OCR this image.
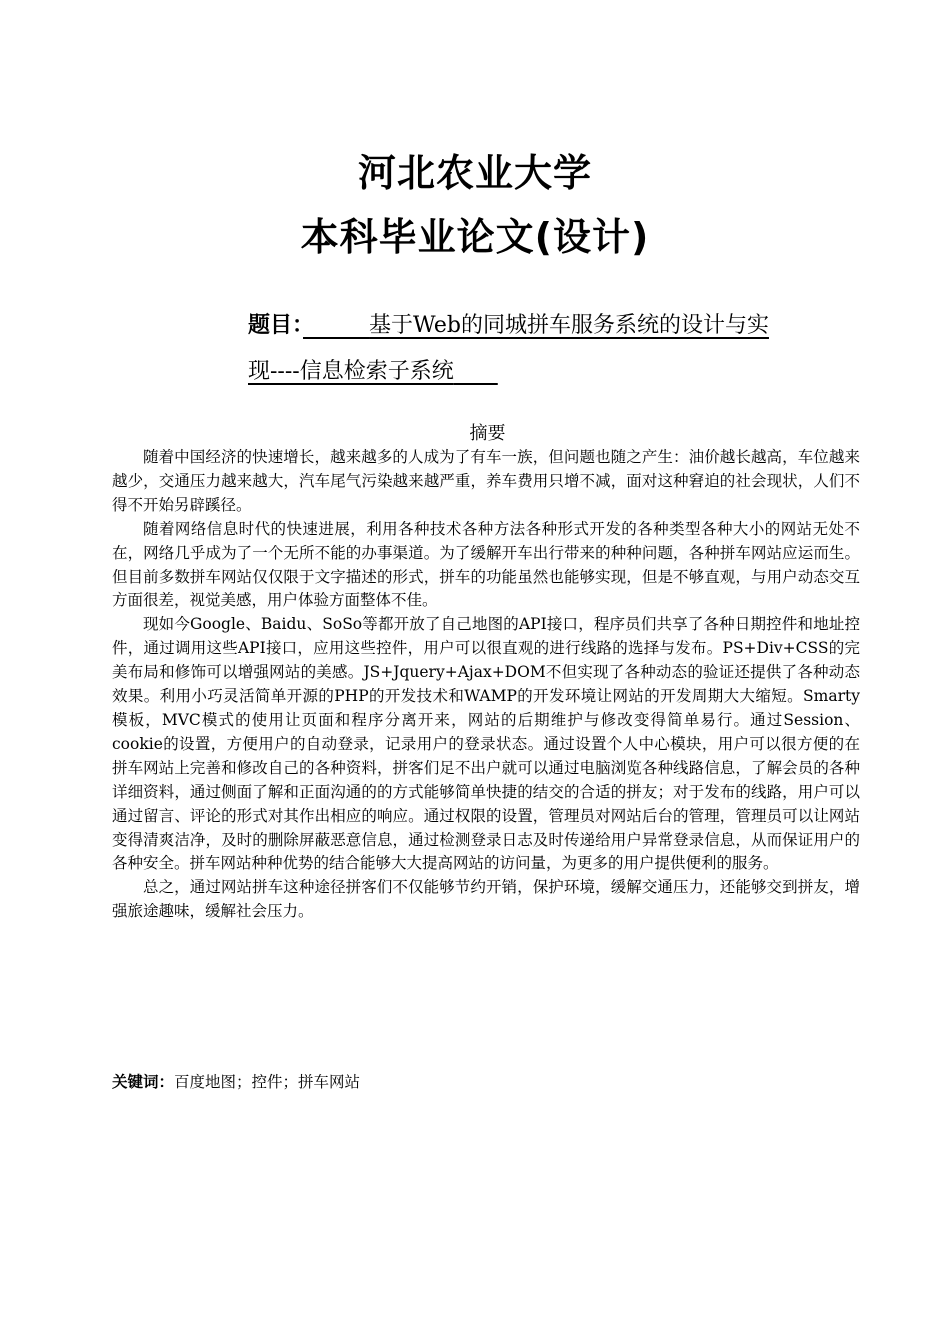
河北农业大学
本科毕业论文(设计)
题目：　　　	基于Web的同城拼车服务系统的设计与实
现----信息检索子系统　　
摘要

随着中国经济的快速增长，越来越多的人成为了有车一族，但问题也随之产生：油价越长越高，车位越来越少，交通压力越来越大，汽车尾气污染越来越严重，养车费用只增不减，面对这种窘迫的社会现状，人们不得不开始另辟蹊径。

随着网络信息时代的快速进展，利用各种技术各种方法各种形式开发的各种类型各种大小的网站无处不在，网络几乎成为了一个无所不能的办事渠道。为了缓解开车出行带来的种种问题，各种拼车网站应运而生。但目前多数拼车网站仅仅限于文字描述的形式，拼车的功能虽然也能够实现，但是不够直观，与用户动态交互方面很差，视觉美感，用户体验方面整体不佳。

现如今Google、Baidu、SoSo等都开放了自己地图的API接口，程序员们共享了各种日期控件和地址控件，通过调用这些API接口，应用这些控件，用户可以很直观的进行线路的选择与发布。PS+Div+CSS的完美布局和修饰可以增强网站的美感。JS+Jquery+Ajax+DOM不但实现了各种动态的验证还提供了各种动态效果。利用小巧灵活简单开源的PHP的开发技术和WAMP的开发环境让网站的开发周期大大缩短。Smarty模板，MVC模式的使用让页面和程序分离开来，网站的后期维护与修改变得简单易行。通过Session、cookie的设置，方便用户的自动登录，记录用户的登录状态。通过设置个人中心模块，用户可以很方便的在拼车网站上完善和修改自己的各种资料，拼客们足不出户就可以通过电脑浏览各种线路信息，了解会员的各种详细资料，通过侧面了解和正面沟通的的方式能够简单快捷的结交的合适的拼友；对于发布的线路，用户可以通过留言、评论的形式对其作出相应的响应。通过权限的设置，管理员对网站后台的管理，管理员可以让网站变得清爽洁净，及时的删除屏蔽恶意信息，通过检测登录日志及时传递给用户异常登录信息，从而保证用户的各种安全。拼车网站种种优势的结合能够大大提高网站的访问量，为更多的用户提供便利的服务。

总之，通过网站拼车这种途径拼客们不仅能够节约开销，保护环境，缓解交通压力，还能够交到拼友，增强旅途趣味，缓解社会压力。

关键词：百度地图；控件；拼车网站
